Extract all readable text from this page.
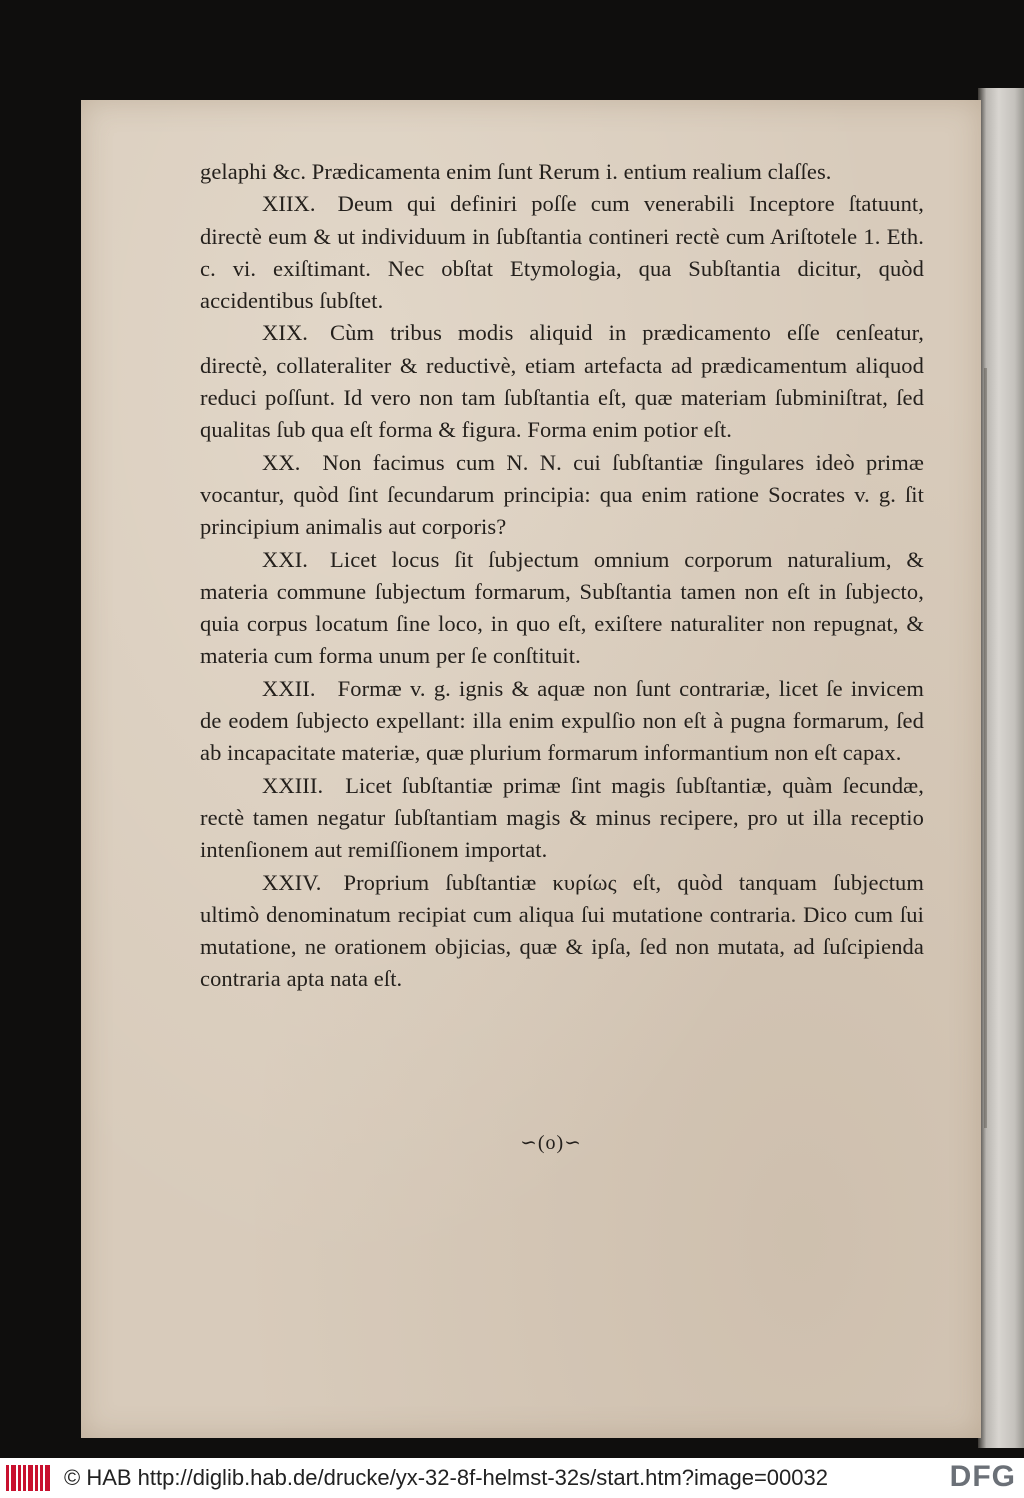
gelaphi &c. Prædicamenta enim ſunt Rerum i. entium realium claſſes.

XIIX. Deum qui definiri poſſe cum venerabili Inceptore ſtatuunt, directè eum & ut individuum in ſubſtantia contineri rectè cum Ariſtotele 1. Eth. c. vi. exiſtimant. Nec obſtat Etymologia, qua Subſtantia dicitur, quòd accidentibus ſubſtet.

XIX. Cùm tribus modis aliquid in prædicamento eſſe cenſeatur, directè, collateraliter & reductivè, etiam artefacta ad prædicamentum aliquod reduci poſſunt. Id vero non tam ſubſtantia eſt, quæ materiam ſubminiſtrat, ſed qualitas ſub qua eſt forma & figura. Forma enim potior eſt.

XX. Non facimus cum N. N. cui ſubſtantiæ ſingulares ideò primæ vocantur, quòd ſint ſecundarum principia: qua enim ratione Socrates v. g. ſit principium animalis aut corporis?

XXI. Licet locus ſit ſubjectum omnium corporum naturalium, & materia commune ſubjectum formarum, Subſtantia tamen non eſt in ſubjecto, quia corpus locatum ſine loco, in quo eſt, exiſtere naturaliter non repugnat, & materia cum forma unum per ſe conſtituit.

XXII. Formæ v. g. ignis & aquæ non ſunt contrariæ, licet ſe invicem de eodem ſubjecto expellant: illa enim expulſio non eſt à pugna formarum, ſed ab incapacitate materiæ, quæ plurium formarum informantium non eſt capax.

XXIII. Licet ſubſtantiæ primæ ſint magis ſubſtantiæ, quàm ſecundæ, rectè tamen negatur ſubſtantiam magis & minus recipere, pro ut illa receptio intenſionem aut remiſſionem importat.

XXIV. Proprium ſubſtantiæ κυρίως eſt, quòd tanquam ſubjectum ultimò denominatum recipiat cum aliqua ſui mutatione contraria. Dico cum ſui mutatione, ne orationem objicias, quæ & ipſa, ſed non mutata, ad ſuſcipienda contraria apta nata eſt.

∽(o)∽
© HAB http://diglib.hab.de/drucke/yx-32-8f-helmst-32s/start.htm?image=00032	DFG
